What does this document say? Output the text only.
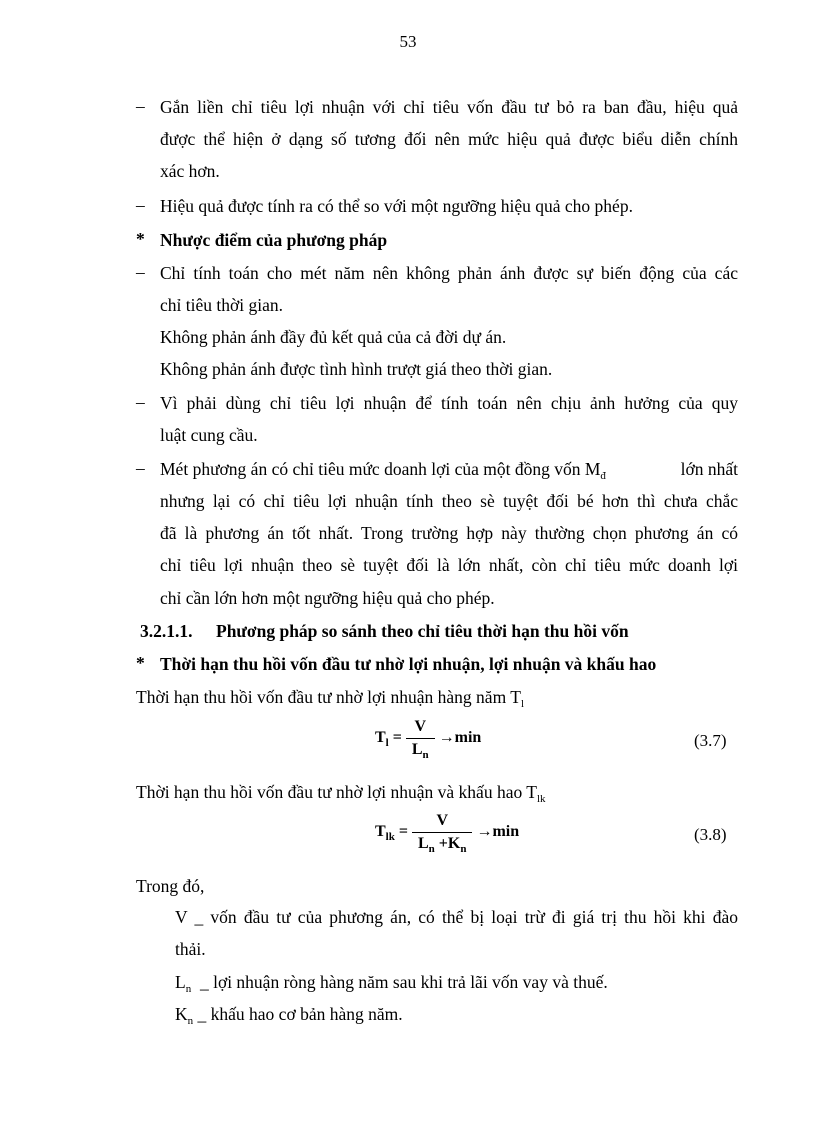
53
– Gắn liền chỉ tiêu lợi nhuận với chỉ tiêu vốn đầu tư bỏ ra ban đầu, hiệu quả
được thể hiện ở dạng số tương đối nên mức hiệu quả được biểu diễn chính
xác hơn.
– Hiệu quả được tính ra có thể so với một ngưỡng hiệu quả cho phép.
* Nhược điểm của phương pháp
– Chỉ tính toán cho mét năm nên không phản ánh được sự biến động của các
chỉ tiêu thời gian.
Không phản ánh đầy đủ kết quả của cả đời dự án.
Không phản ánh được tình hình trượt giá theo thời gian.
– Vì phải dùng chỉ tiêu lợi nhuận để tính toán nên chịu ảnh hưởng của quy
luật cung cầu.
– Mét phương án có chỉ tiêu mức doanh lợi của một đồng vốn $M_đ$	lớn nhất
nhưng lại có chỉ tiêu lợi nhuận tính theo sè tuyệt đối bé hơn thì chưa chắc
đã là phương án tốt nhất. Trong trường hợp này thường chọn phương án có
chỉ tiêu lợi nhuận theo sè tuyệt đối là lớn nhất, còn chỉ tiêu mức doanh lợi
chỉ cần lớn hơn một ngưỡng hiệu quả cho phép.
3.2.1.1. Phương pháp so sánh theo chỉ tiêu thời hạn thu hồi vốn
* Thời hạn thu hồi vốn đầu tư nhờ lợi nhuận, lợi nhuận và khấu hao
Thời hạn thu hồi vốn đầu tư nhờ lợi nhuận hàng năm $T_l$
$T_l = \frac{V}{L_n} \to\min$	(3.7)
Thời hạn thu hồi vốn đầu tư nhờ lợi nhuận và khấu hao $T_{lk}$
$T_{lk} = \frac{V}{L_n +K_n} \to\min$	(3.8)
Trong đó,
V _ vốn đầu tư của phương án, có thể bị loại trừ đi giá trị thu hồi khi đào
thải.
$L_n$ _ lợi nhuận ròng hàng năm sau khi trả lãi vốn vay và thuế.
$K_n$ _ khấu hao cơ bản hàng năm.
